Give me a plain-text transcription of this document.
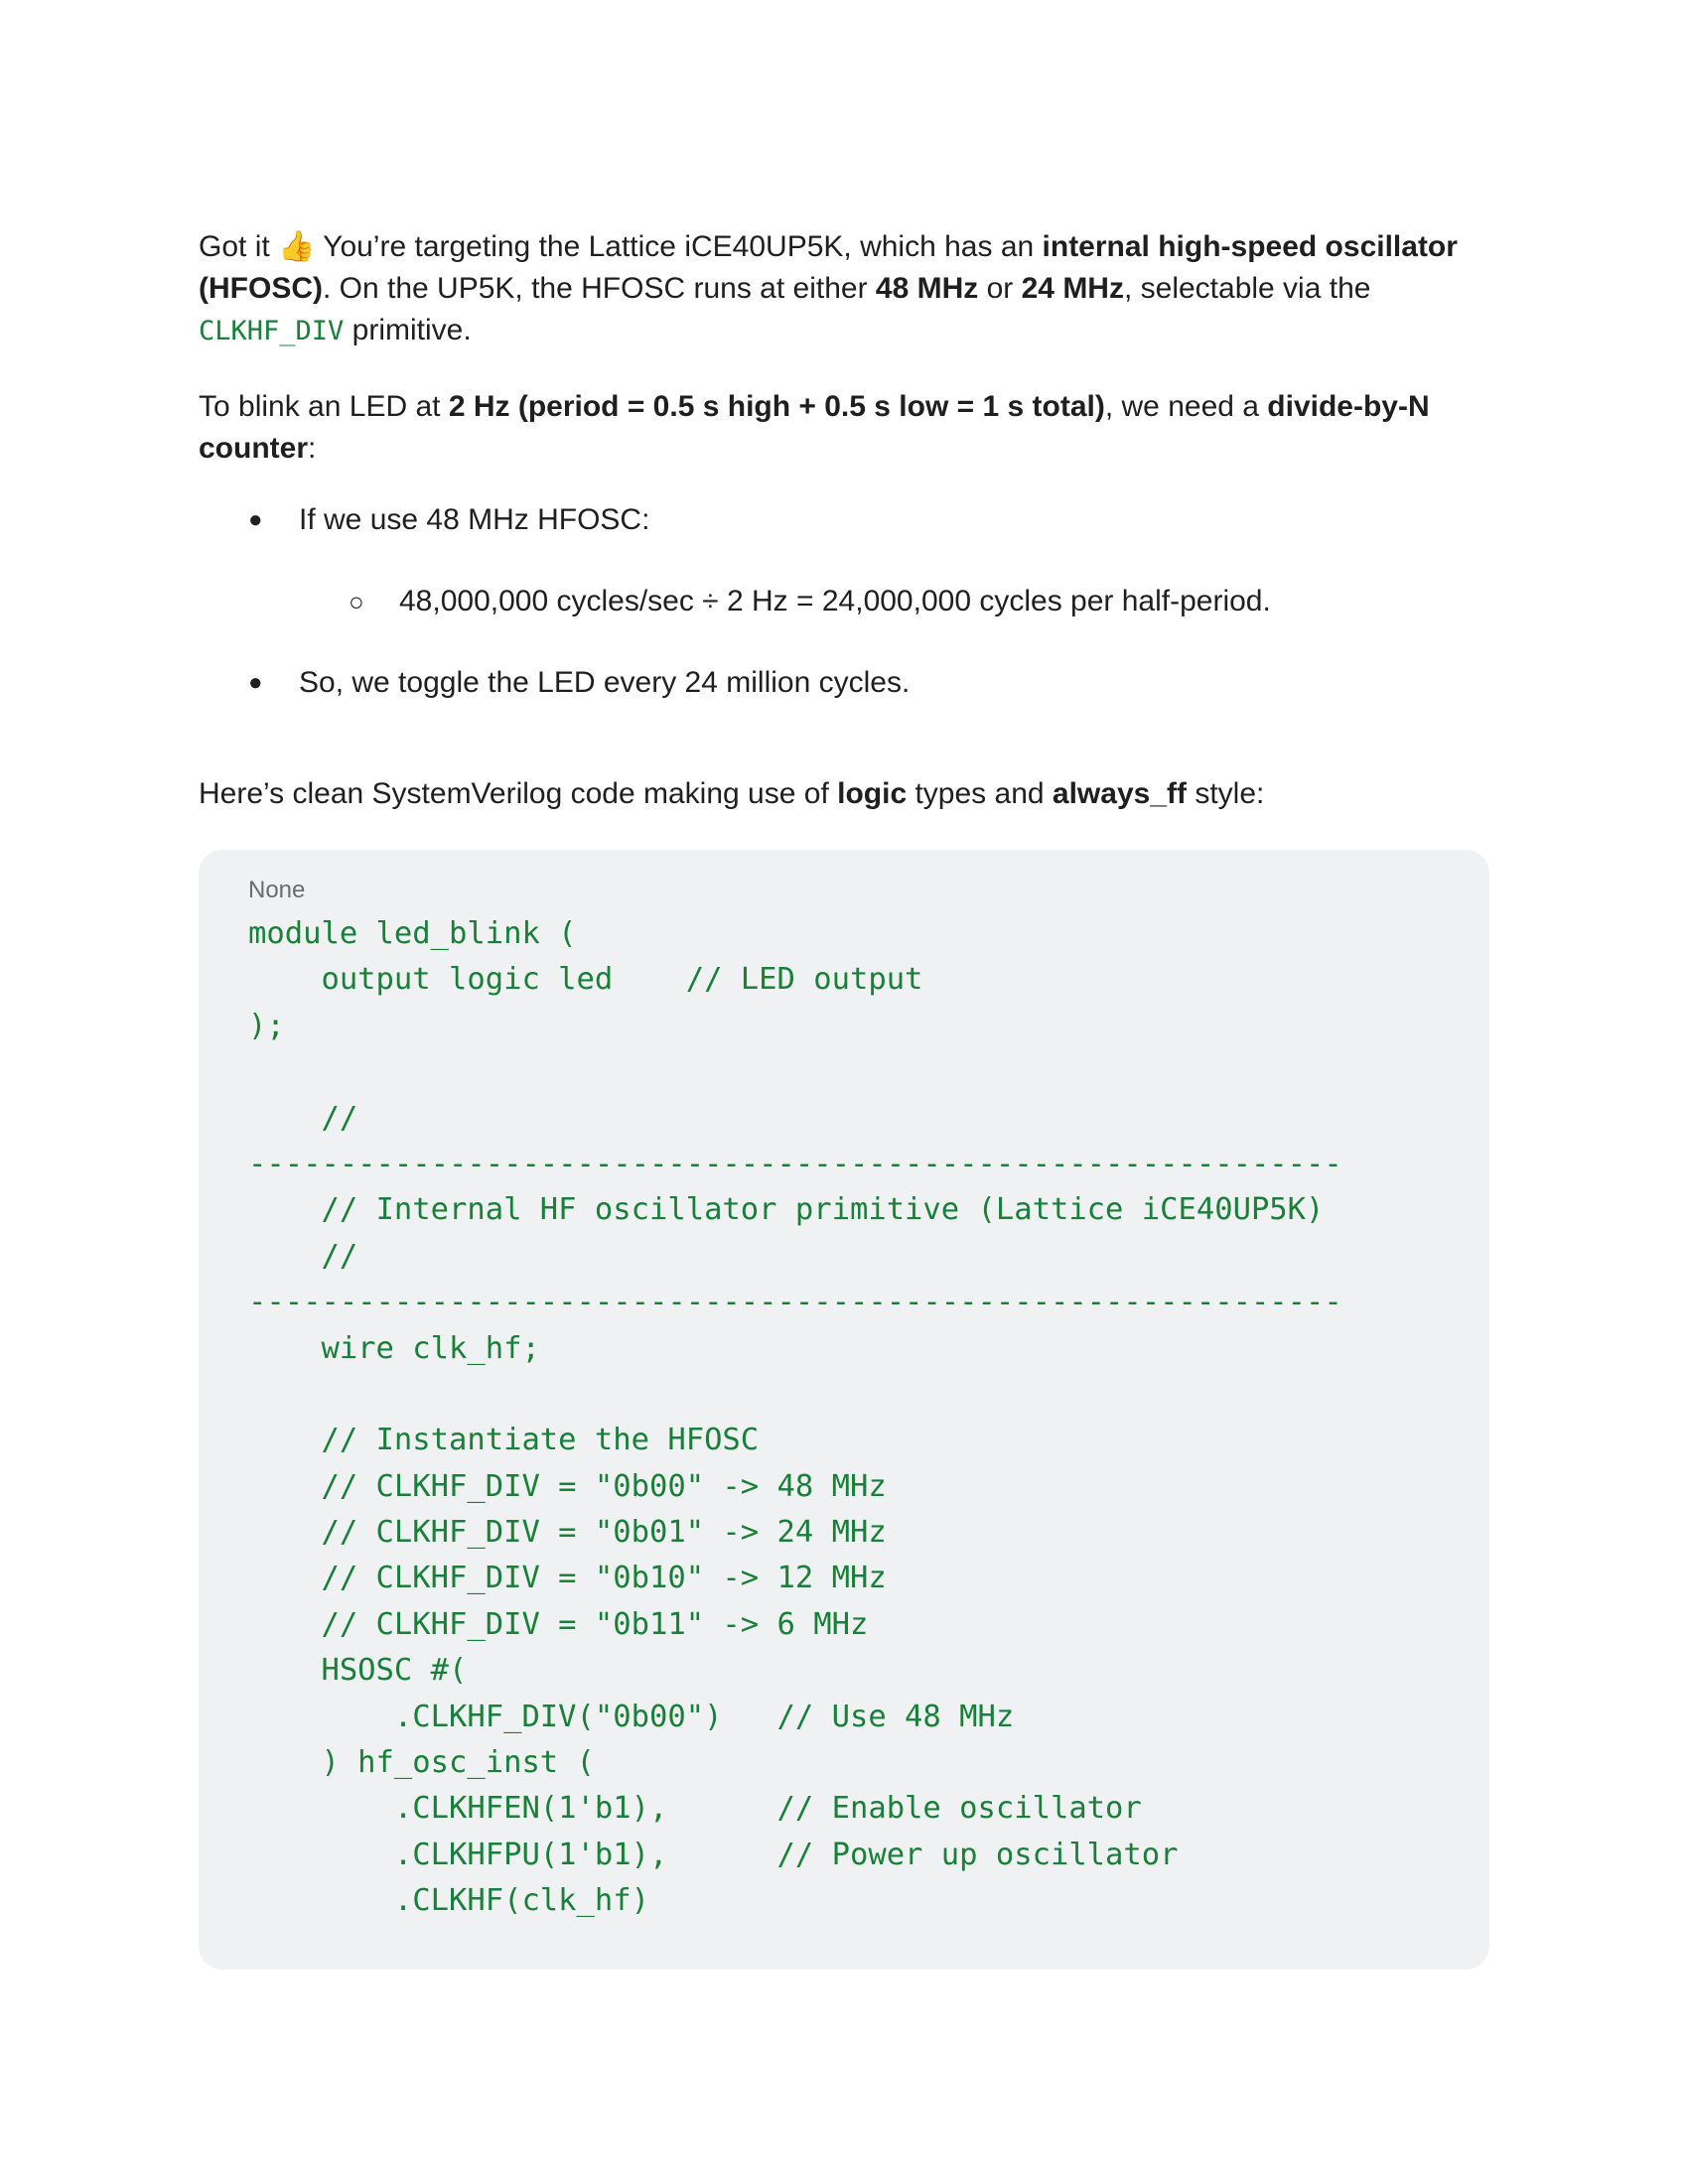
Got it 👍 You’re targeting the Lattice iCE40UP5K, which has an internal high-speed oscillator (HFOSC). On the UP5K, the HFOSC runs at either 48 MHz or 24 MHz, selectable via the CLKHF_DIV primitive.

To blink an LED at 2 Hz (period = 0.5 s high + 0.5 s low = 1 s total), we need a divide-by-N counter:

● If we use 48 MHz HFOSC:
○ 48,000,000 cycles/sec ÷ 2 Hz = 24,000,000 cycles per half-period.
● So, we toggle the LED every 24 million cycles.

Here’s clean SystemVerilog code making use of logic types and always_ff style:

None
module led_blink (
output logic led    // LED output
);
//
------------------------------------------------------------
// Internal HF oscillator primitive (Lattice iCE40UP5K)
//
------------------------------------------------------------
wire clk_hf;
// Instantiate the HFOSC
// CLKHF_DIV = "0b00" -> 48 MHz
// CLKHF_DIV = "0b01" -> 24 MHz
// CLKHF_DIV = "0b10" -> 12 MHz
// CLKHF_DIV = "0b11" -> 6 MHz
HSOSC #(
.CLKHF_DIV("0b00")   // Use 48 MHz
) hf_osc_inst (
.CLKHFEN(1'b1),      // Enable oscillator
.CLKHFPU(1'b1),      // Power up oscillator
.CLKHF(clk_hf)
